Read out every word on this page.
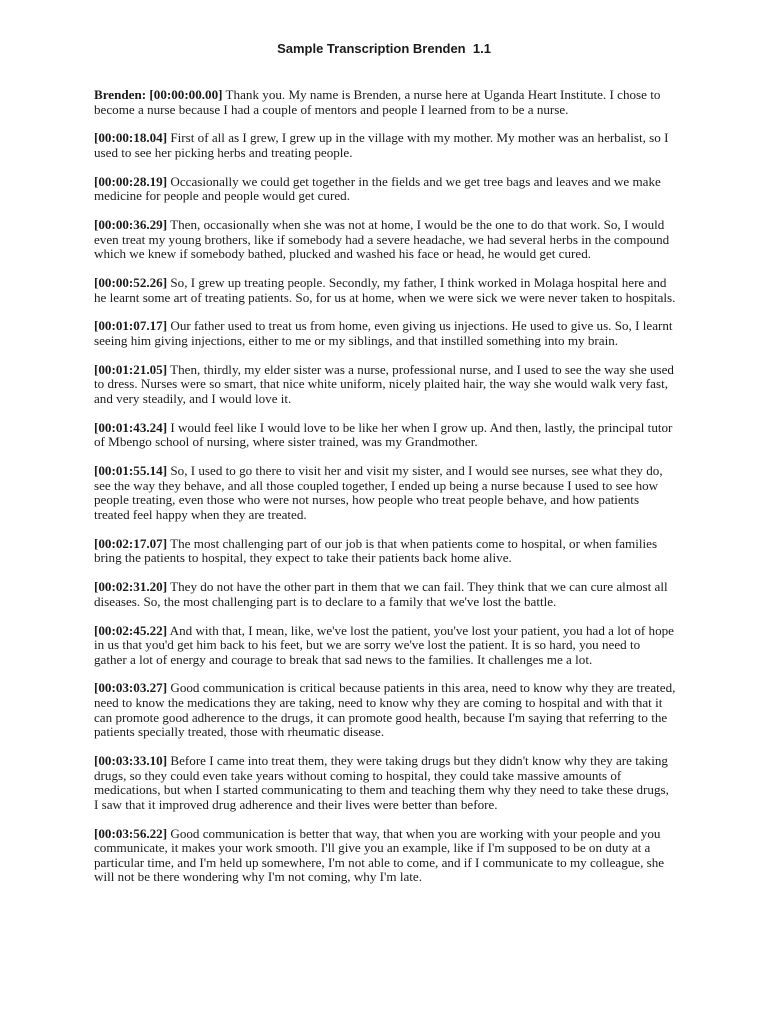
Sample Transcription Brenden  1.1

Brenden: [00:00:00.00] Thank you. My name is Brenden, a nurse here at Uganda Heart Institute. I chose to become a nurse because I had a couple of mentors and people I learned from to be a nurse.

[00:00:18.04] First of all as I grew, I grew up in the village with my mother. My mother was an herbalist, so I used to see her picking herbs and treating people.

[00:00:28.19] Occasionally we could get together in the fields and we get tree bags and leaves and we make medicine for people and people would get cured.

[00:00:36.29] Then, occasionally when she was not at home, I would be the one to do that work. So, I would even treat my young brothers, like if somebody had a severe headache, we had several herbs in the compound which we knew if somebody bathed, plucked and washed his face or head, he would get cured.

[00:00:52.26] So, I grew up treating people. Secondly, my father, I think worked in Molaga hospital here and he learnt some art of treating patients. So, for us at home, when we were sick we were never taken to hospitals.

[00:01:07.17] Our father used to treat us from home, even giving us injections. He used to give us. So, I learnt seeing him giving injections, either to me or my siblings, and that instilled something into my brain.

[00:01:21.05] Then, thirdly, my elder sister was a nurse, professional nurse, and I used to see the way she used to dress. Nurses were so smart, that nice white uniform, nicely plaited hair, the way she would walk very fast, and very steadily, and I would love it.

[00:01:43.24] I would feel like I would love to be like her when I grow up. And then, lastly, the principal tutor of Mbengo school of nursing, where sister trained, was my Grandmother.

[00:01:55.14] So, I used to go there to visit her and visit my sister, and I would see nurses, see what they do, see the way they behave, and all those coupled together, I ended up being a nurse because I used to see how people treating, even those who were not nurses, how people who treat people behave, and how patients treated feel happy when they are treated.

[00:02:17.07] The most challenging part of our job is that when patients come to hospital, or when families bring the patients to hospital, they expect to take their patients back home alive.

[00:02:31.20] They do not have the other part in them that we can fail. They think that we can cure almost all diseases. So, the most challenging part is to declare to a family that we've lost the battle.

[00:02:45.22] And with that, I mean, like, we've lost the patient, you've lost your patient, you had a lot of hope in us that you'd get him back to his feet, but we are sorry we've lost the patient. It is so hard, you need to gather a lot of energy and courage to break that sad news to the families. It challenges me a lot.

[00:03:03.27] Good communication is critical because patients in this area, need to know why they are treated, need to know the medications they are taking, need to know why they are coming to hospital and with that it can promote good adherence to the drugs, it can promote good health, because I'm saying that referring to the patients specially treated, those with rheumatic disease.

[00:03:33.10] Before I came into treat them, they were taking drugs but they didn't know why they are taking drugs, so they could even take years without coming to hospital, they could take massive amounts of medications, but when I started communicating to them and teaching them why they need to take these drugs, I saw that it improved drug adherence and their lives were better than before.

[00:03:56.22] Good communication is better that way, that when you are working with your people and you communicate, it makes your work smooth. I'll give you an example, like if I'm supposed to be on duty at a particular time, and I'm held up somewhere, I'm not able to come, and if I communicate to my colleague, she will not be there wondering why I'm not coming, why I'm late.
